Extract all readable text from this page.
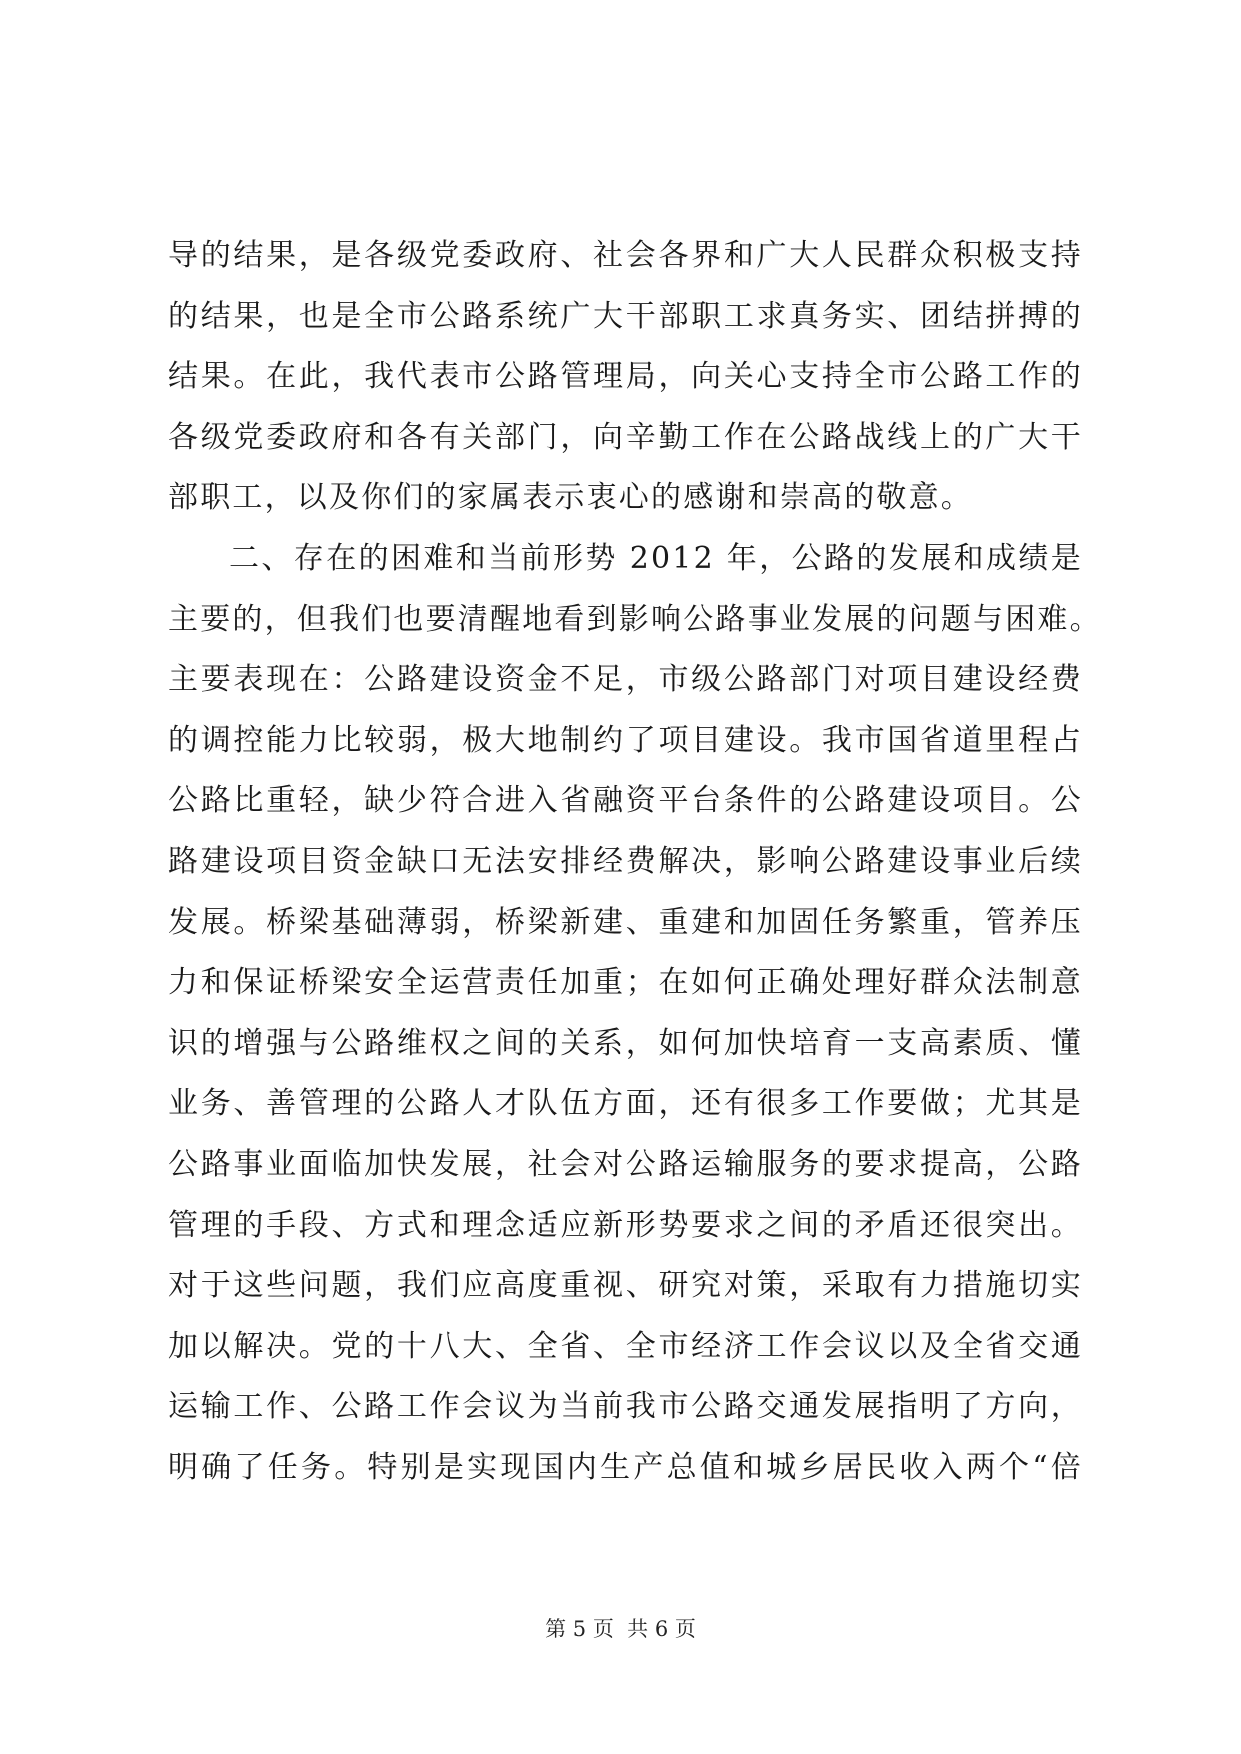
导的结果，是各级党委政府、社会各界和广大人民群众积极支持
的结果，也是全市公路系统广大干部职工求真务实、团结拼搏的
结果。在此，我代表市公路管理局，向关心支持全市公路工作的
各级党委政府和各有关部门，向辛勤工作在公路战线上的广大干
部职工，以及你们的家属表示衷心的感谢和崇高的敬意。
二、存在的困难和当前形势 2012 年，公路的发展和成绩是
主要的，但我们也要清醒地看到影响公路事业发展的问题与困难。
主要表现在：公路建设资金不足，市级公路部门对项目建设经费
的调控能力比较弱，极大地制约了项目建设。我市国省道里程占
公路比重轻，缺少符合进入省融资平台条件的公路建设项目。公
路建设项目资金缺口无法安排经费解决，影响公路建设事业后续
发展。桥梁基础薄弱，桥梁新建、重建和加固任务繁重，管养压
力和保证桥梁安全运营责任加重；在如何正确处理好群众法制意
识的增强与公路维权之间的关系，如何加快培育一支高素质、懂
业务、善管理的公路人才队伍方面，还有很多工作要做；尤其是
公路事业面临加快发展，社会对公路运输服务的要求提高，公路
管理的手段、方式和理念适应新形势要求之间的矛盾还很突出。
对于这些问题，我们应高度重视、研究对策，采取有力措施切实
加以解决。党的十八大、全省、全市经济工作会议以及全省交通
运输工作、公路工作会议为当前我市公路交通发展指明了方向，
明确了任务。特别是实现国内生产总值和城乡居民收入两个“倍
第 5 页  共 6 页
